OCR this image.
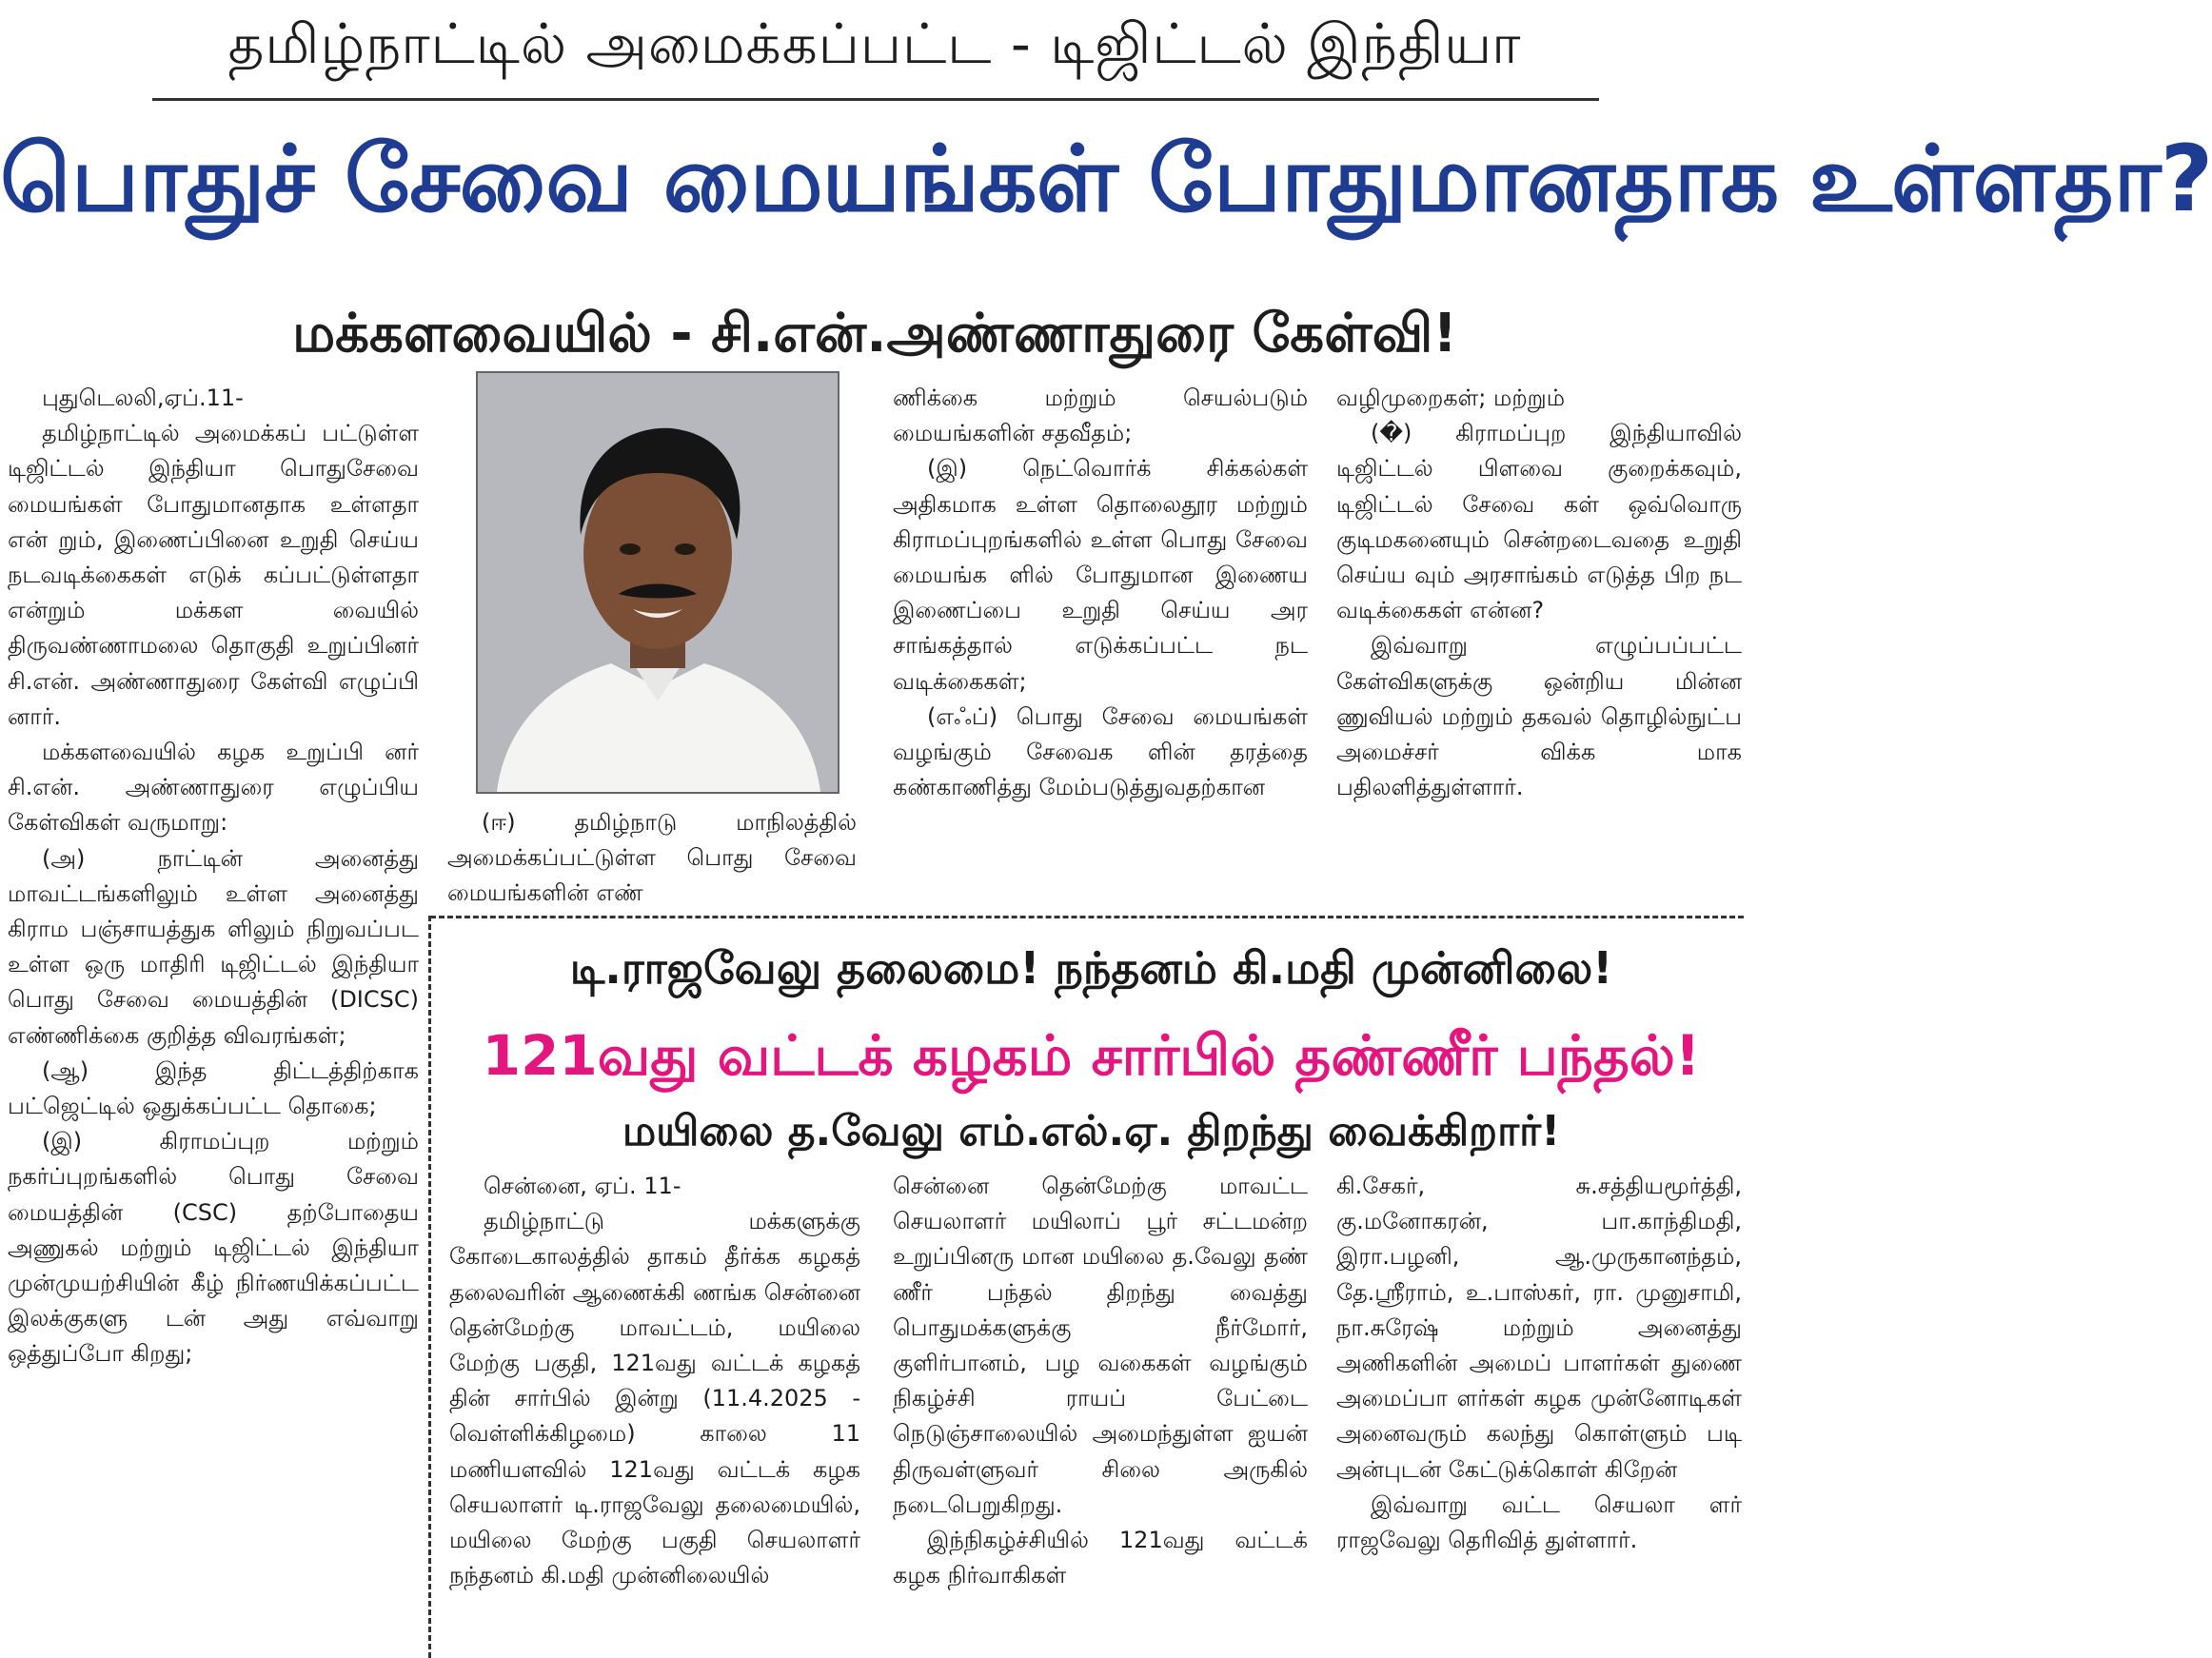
தமிழ்நாட்டில் அமைக்கப்பட்ட - டிஜிட்டல் இந்தியா
பொதுச் சேவை மையங்கள் போதுமானதாக உள்ளதா?
மக்களவையில் - சி.என்.அண்ணாதுரை கேள்வி!

புதுடெலலி,ஏப்.11-

தமிழ்நாட்டில் அமைக்கப் பட்டுள்ள டிஜிட்டல் இந்தியா பொதுசேவை மையங்கள் போதுமானதாக உள்ளதா என் றும், இணைப்பினை உறுதி செய்ய நடவடிக்கைகள் எடுக் கப்பட்டுள்ளதா என்றும் மக்கள வையில் திருவண்ணாமலை தொகுதி உறுப்பினர் சி.என். அண்ணாதுரை கேள்வி எழுப்பி னார்.

மக்களவையில் கழக உறுப்பி னர் சி.என். அண்ணாதுரை எழுப்பிய கேள்விகள் வருமாறு:

(அ) நாட்டின் அனைத்து மாவட்டங்களிலும் உள்ள அனைத்து கிராம பஞ்சாயத்துக ளிலும் நிறுவப்பட உள்ள ஒரு மாதிரி டிஜிட்டல் இந்தியா பொது சேவை மையத்தின் (DICSC) எண்ணிக்கை குறித்த விவரங்கள்;

(ஆ) இந்த திட்டத்திற்காக பட்ஜெட்டில் ஒதுக்கப்பட்ட தொகை;

(இ) கிராமப்புற மற்றும் நகர்ப்புறங்களில் பொது சேவை மையத்தின் (CSC) தற்போதைய அணுகல் மற்றும் டிஜிட்டல் இந்தியா முன்முயற்சியின் கீழ் நிர்ணயிக்கப்பட்ட இலக்குகளு டன் அது எவ்வாறு ஒத்துப்போ கிறது;

(ஈ) தமிழ்நாடு மாநிலத்தில் அமைக்கப்பட்டுள்ள பொது சேவை மையங்களின் எண்

ணிக்கை மற்றும் செயல்படும் மையங்களின் சதவீதம்;

(இ) நெட்வொர்க் சிக்கல்கள் அதிகமாக உள்ள தொலைதூர மற்றும் கிராமப்புறங்களில் உள்ள பொது சேவை மையங்க ளில் போதுமான இணைய இணைப்பை உறுதி செய்ய அர சாங்கத்தால் எடுக்கப்பட்ட நட வடிக்கைகள்;

(எஃப்) பொது சேவை மையங்கள் வழங்கும் சேவைக ளின் தரத்தை கண்காணித்து மேம்படுத்துவதற்கான

வழிமுறைகள்; மற்றும்

(�) கிராமப்புற இந்தியாவில் டிஜிட்டல் பிளவை குறைக்கவும், டிஜிட்டல் சேவை கள் ஒவ்வொரு குடிமகனையும் சென்றடைவதை உறுதி செய்ய வும் அரசாங்கம் எடுத்த பிற நட வடிக்கைகள் என்ன?

இவ்வாறு எழுப்பப்பட்ட கேள்விகளுக்கு ஒன்றிய மின்ன ணுவியல் மற்றும் தகவல் தொழில்நுட்ப அமைச்சர் விக்க மாக பதிலளித்துள்ளார்.

டி.ராஜவேலு தலைமை! நந்தனம் கி.மதி முன்னிலை!
121வது வட்டக் கழகம் சார்பில் தண்ணீர் பந்தல்!
மயிலை த.வேலு எம்.எல்.ஏ. திறந்து வைக்கிறார்!

சென்னை, ஏப். 11-

தமிழ்நாட்டு மக்களுக்கு கோடைகாலத்தில் தாகம் தீர்க்க கழகத் தலைவரின் ஆணைக்கி ணங்க சென்னை தென்மேற்கு மாவட்டம், மயிலை மேற்கு பகுதி, 121வது வட்டக் கழகத் தின் சார்பில் இன்று (11.4.2025 - வெள்ளிக்கிழமை) காலை 11 மணியளவில் 121வது வட்டக் கழக செயலாளர் டி.ராஜவேலு தலைமையில், மயிலை மேற்கு பகுதி செயலாளர் நந்தனம் கி.மதி முன்னிலையில்

சென்னை தென்மேற்கு மாவட்ட செயலாளர் மயிலாப் பூர் சட்டமன்ற உறுப்பினரு மான மயிலை த.வேலு தண் ணீர் பந்தல் திறந்து வைத்து பொதுமக்களுக்கு நீர்மோர், குளிர்பானம், பழ வகைகள் வழங்கும் நிகழ்ச்சி ராயப் பேட்டை நெடுஞ்சாலையில் அமைந்துள்ள ஐயன் திருவள்ளுவர் சிலை அருகில் நடைபெறுகிறது.

இந்நிகழ்ச்சியில் 121வது வட்டக் கழக நிர்வாகிகள்

கி.சேகர், சு.சத்தியமூர்த்தி, கு.மனோகரன், பா.காந்திமதி, இரா.பழனி, ஆ.முருகானந்தம், தே.ஸ்ரீராம், உ.பாஸ்கர், ரா. முனுசாமி, நா.சுரேஷ் மற்றும் அனைத்து அணிகளின் அமைப் பாளர்கள் துணை அமைப்பா ளர்கள் கழக முன்னோடிகள் அனைவரும் கலந்து கொள்ளும் படி அன்புடன் கேட்டுக்கொள் கிறேன்

இவ்வாறு வட்ட செயலா ளர் ராஜவேலு தெரிவித் துள்ளார்.
